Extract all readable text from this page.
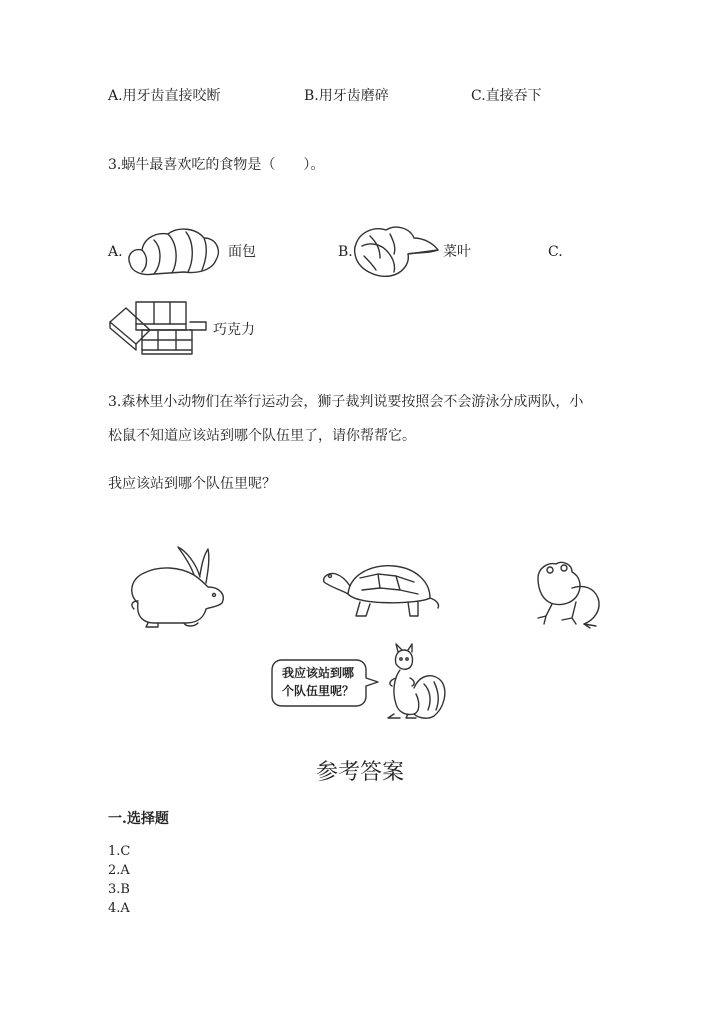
A.用牙齿直接咬断	B.用牙齿磨碎	C.直接吞下
3.蜗牛最喜欢吃的食物是（　　）。
A.	面包	B.	菜叶	C.
巧克力
3.森林里小动物们在举行运动会，狮子裁判说要按照会不会游泳分成两队，小
松鼠不知道应该站到哪个队伍里了，请你帮帮它。
我应该站到哪个队伍里呢？
我应该站到哪
个队伍里呢？
参考答案
一.选择题
1.C
2.A
3.B
4.A
